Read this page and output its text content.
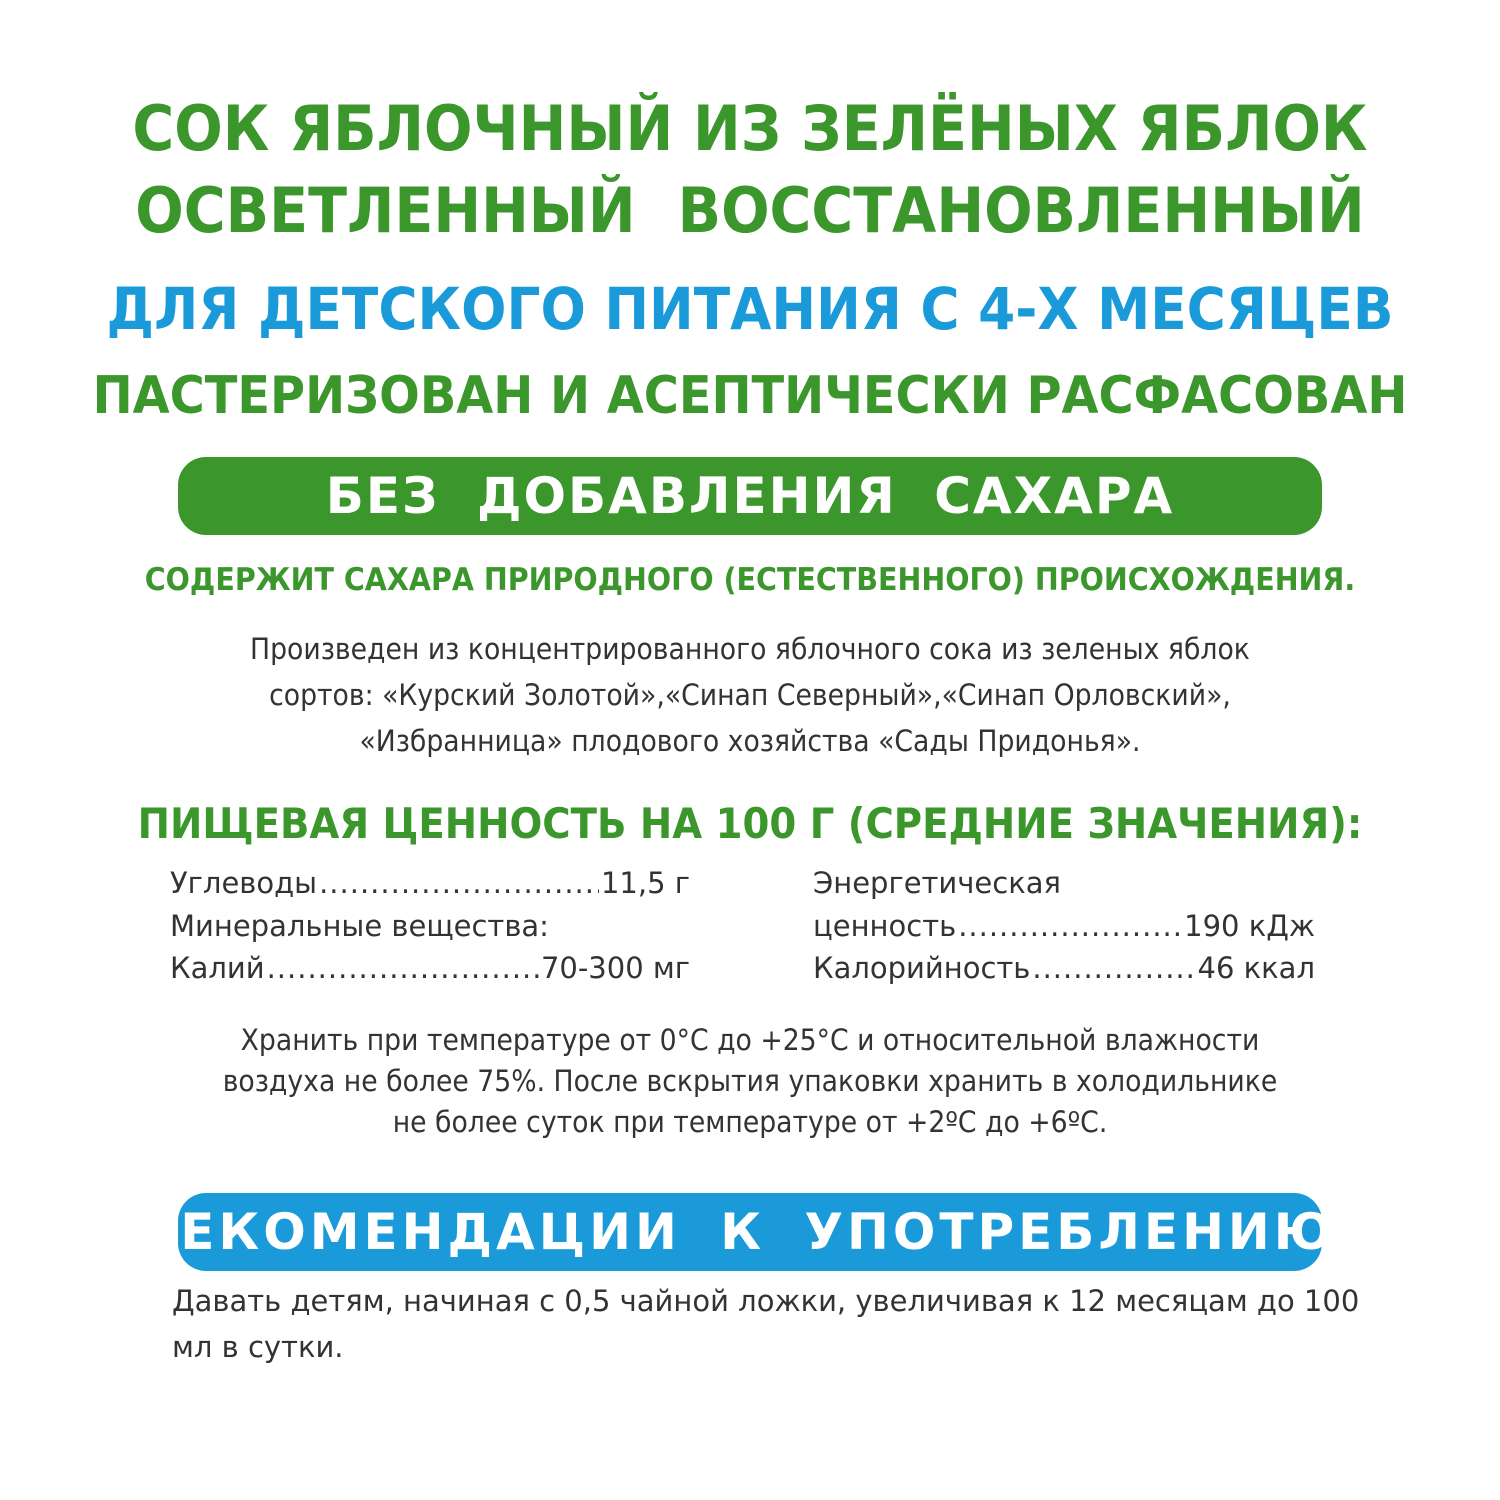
СОК ЯБЛОЧНЫЙ ИЗ ЗЕЛЁНЫХ ЯБЛОК
ОСВЕТЛЕННЫЙ ВОССТАНОВЛЕННЫЙ
ДЛЯ ДЕТСКОГО ПИТАНИЯ С 4-Х МЕСЯЦЕВ
ПАСТЕРИЗОВАН И АСЕПТИЧЕСКИ РАСФАСОВАН
БЕЗ ДОБАВЛЕНИЯ САХАРА
СОДЕРЖИТ САХАРА ПРИРОДНОГО (ЕСТЕСТВЕННОГО) ПРОИСХОЖДЕНИЯ.
Произведен из концентрированного яблочного сока из зеленых яблок
сортов: «Курский Золотой»,«Синап Северный»,«Синап Орловский»,
«Избранница» плодового хозяйства «Сады Придонья».
ПИЩЕВАЯ ЦЕННОСТЬ НА 100 Г (СРЕДНИЕ ЗНАЧЕНИЯ):
Углеводы .....	11,5 г
Минеральные вещества:
Калий .....	70-300 мг
Энергетическая
ценность .....	190 кДж
Калорийность .....	46 ккал
Хранить при температуре от 0°С до +25°С и относительной влажности
воздуха не более 75%. После вскрытия упаковки хранить в холодильнике
не более суток при температуре от +2ºС до +6ºС.
РЕКОМЕНДАЦИИ К УПОТРЕБЛЕНИЮ:
Давать детям, начиная с 0,5 чайной ложки, увеличивая к 12 месяцам до 100
мл в сутки.
